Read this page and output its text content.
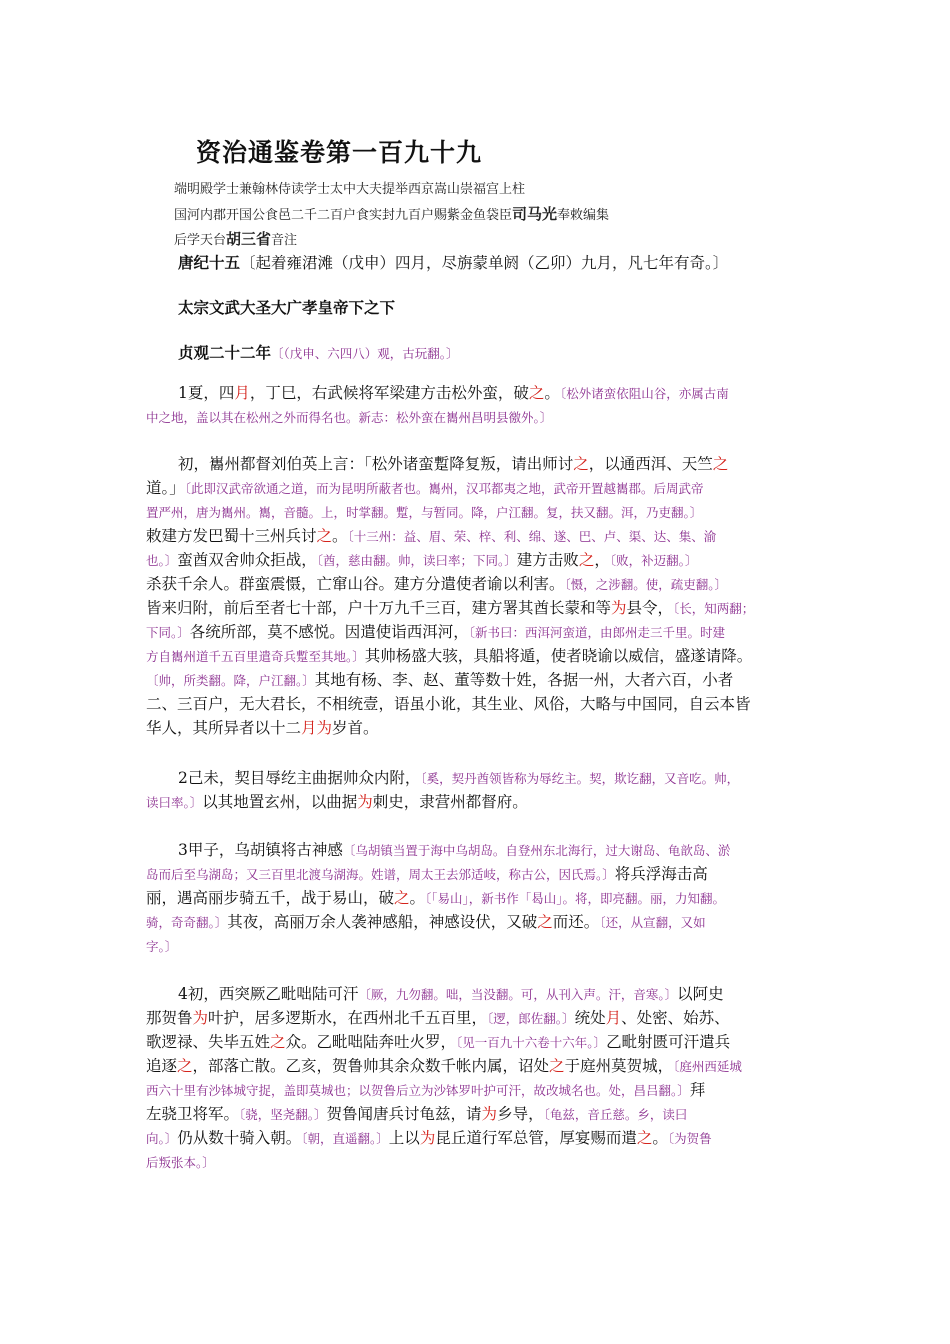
资治通鉴卷第一百九十九
端明殿学士兼翰林侍读学士太中大夫提举西京嵩山崇福宫上柱
国河内郡开国公食邑二千二百户食实封九百户赐紫金鱼袋臣司马光奉敕编集
后学天台胡三省音注
唐纪十五〔起着雍涒滩（戊申）四月，尽旃蒙单阏（乙卯）九月，凡七年有奇。〕
太宗文武大圣大广孝皇帝下之下
贞观二十二年〔（戊申、六四八）观，古玩翻。〕
1夏，四月，丁巳，右武候将军梁建方击松外蛮，破之。〔松外诸蛮依阻山谷，亦属古南
中之地，盖以其在松州之外而得名也。新志：松外蛮在巂州昌明县徼外。〕
初，巂州都督刘伯英上言：「松外诸蛮蹔降复叛，请出师讨之，以通西洱、天竺之
道。」〔此即汉武帝欲通之道，而为昆明所蔽者也。巂州，汉邛都夷之地，武帝开置越巂郡。后周武帝
置严州，唐为巂州。巂，音髓。上，时掌翻。蹔，与暂同。降，户江翻。复，扶又翻。洱，乃吏翻。〕
敕建方发巴蜀十三州兵讨之。〔十三州：益、眉、荣、梓、利、绵、遂、巴、卢、渠、达、集、渝
也。〕蛮酋双舍帅众拒战，〔酋，慈由翻。帅，读曰率；下同。〕建方击败之，〔败，补迈翻。〕
杀获千余人。群蛮震慑，亡窜山谷。建方分遣使者谕以利害。〔慑，之涉翻。使，疏吏翻。〕
皆来归附，前后至者七十部，户十万九千三百，建方署其酋长蒙和等为县令，〔长，知两翻；
下同。〕各统所部，莫不感悦。因遣使诣西洱河，〔新书曰：西洱河蛮道，由郎州走三千里。时建
方自巂州道千五百里遣奇兵蹔至其地。〕其帅杨盛大骇，具船将遁，使者晓谕以威信，盛遂请降。
〔帅，所类翻。降，户江翻。〕其地有杨、李、赵、董等数十姓，各据一州，大者六百，小者
二、三百户，无大君长，不相统壹，语虽小讹，其生业、风俗，大略与中国同，自云本皆
华人，其所异者以十二月为岁首。
2己未，契目辱纥主曲据帅众内附，〔奚，契丹酋领皆称为辱纥主。契，欺讫翻，又音吃。帅，
读曰率。〕以其地置玄州，以曲据为刺史，隶营州都督府。
3甲子，乌胡镇将古神感〔乌胡镇当置于海中乌胡岛。自登州东北海行，过大谢岛、龟歆岛、淤
岛而后至乌湖岛；又三百里北渡乌湖海。姓谱，周太王去邠适岐，称古公，因氏焉。〕将兵浮海击高
丽，遇高丽步骑五千，战于易山，破之。〔「易山」，新书作「曷山」。将，即亮翻。丽，力知翻。
骑，奇奇翻。〕其夜，高丽万余人袭神感船，神感设伏，又破之而还。〔还，从宣翻，又如
字。〕
4初，西突厥乙毗咄陆可汗〔厥，九勿翻。咄，当没翻。可，从刊入声。汗，音寒。〕以阿史
那贺鲁为叶护，居多逻斯水，在西州北千五百里，〔逻，郎佐翻。〕统处月、处密、始苏、
歌逻禄、失毕五姓之众。乙毗咄陆奔吐火罗，〔见一百九十六卷十六年。〕乙毗射匮可汗遣兵
追逐之，部落亡散。乙亥，贺鲁帅其余众数千帐内属，诏处之于庭州莫贺城，〔庭州西延城
西六十里有沙钵城守捉，盖即莫城也；以贺鲁后立为沙钵罗叶护可汗，故改城名也。处，昌吕翻。〕拜
左骁卫将军。〔骁，坚尧翻。〕贺鲁闻唐兵讨龟兹，请为乡导，〔龟兹，音丘慈。乡，读曰
向。〕仍从数十骑入朝。〔朝，直遥翻。〕上以为昆丘道行军总管，厚宴赐而遣之。〔为贺鲁
后叛张本。〕
